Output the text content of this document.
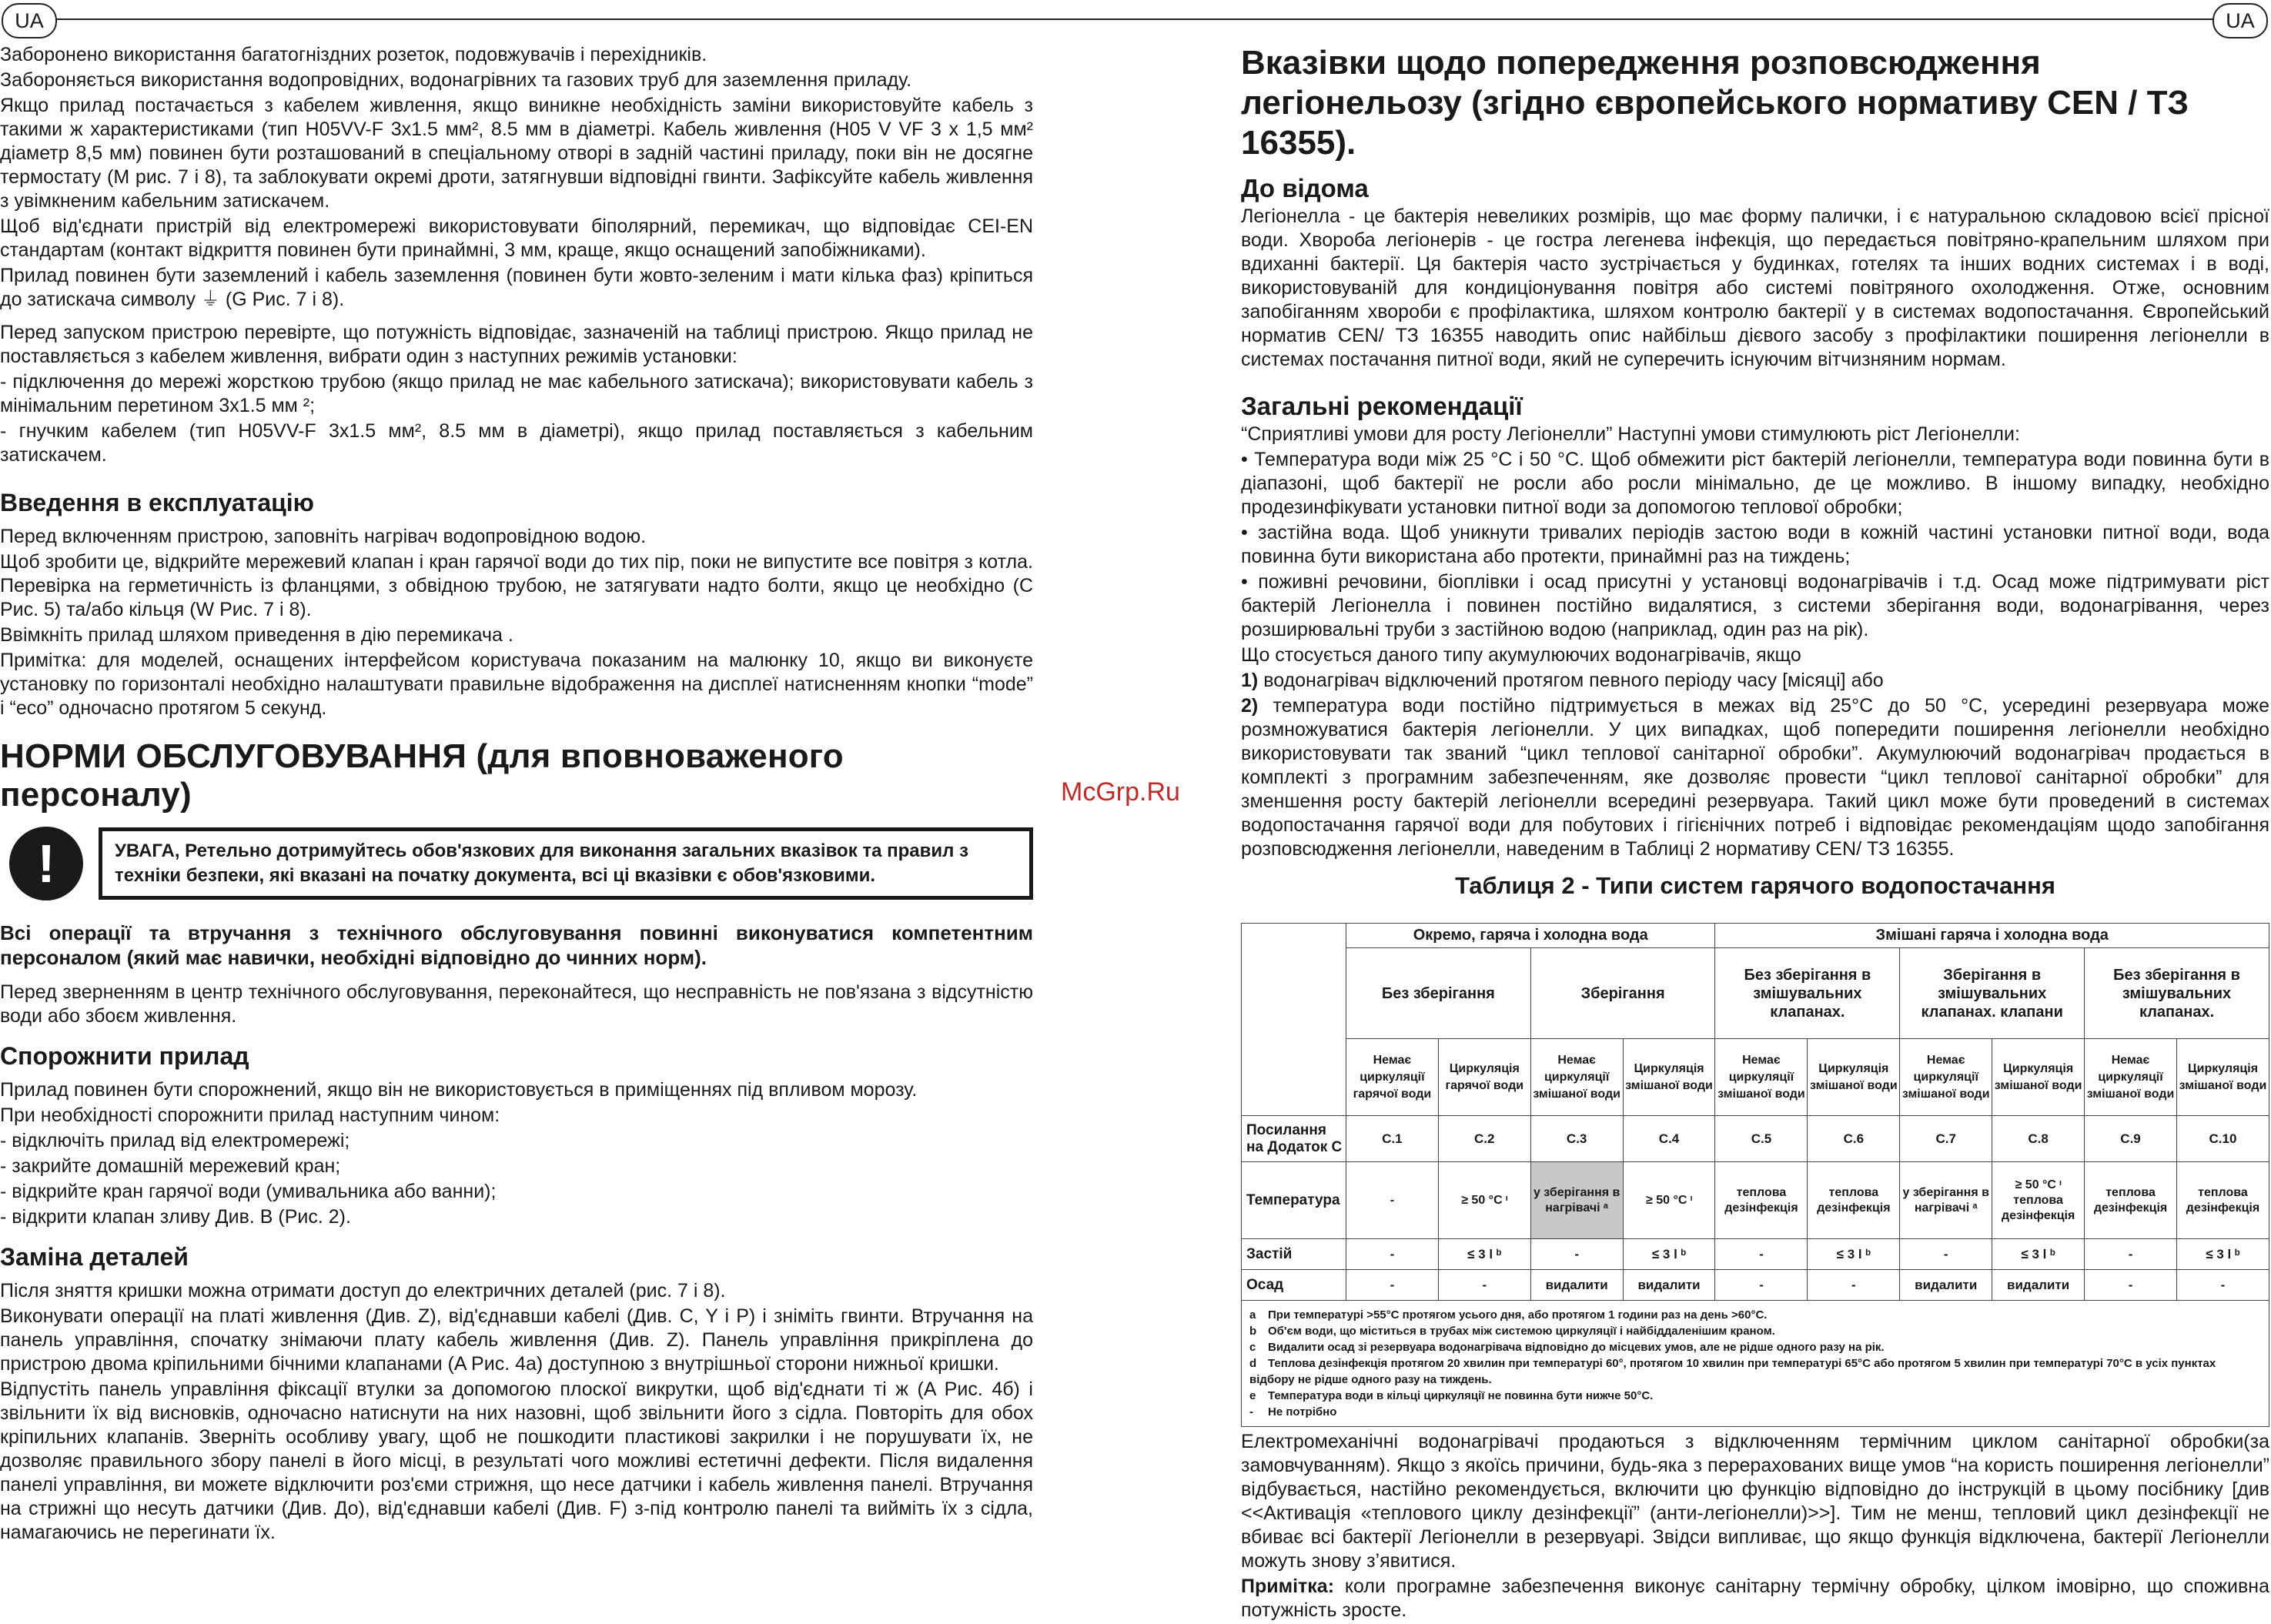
UA	UA
McGrp.Ru

Заборонено використання багатогніздних розеток, подовжувачів і перехідників.

Забороняється використання водопровідних, водонагрівних та газових труб для заземлення приладу.

Якщо прилад постачається з кабелем живлення, якщо виникне необхідність заміни використовуйте кабель з такими ж характеристиками (тип H05VV-F 3x1.5 мм², 8.5 мм в діаметрі. Кабель живлення (H05 V VF 3 x 1,5 мм² діаметр 8,5 мм) повинен бути розташований в спеціальному отворі в задній частині приладу, поки він не досягне термостату (M рис. 7 і 8), та заблокувати окремі дроти, затягнувши відповідні гвинти. Зафіксуйте кабель живлення з увімкненим кабельним затискачем.

Щоб від'єднати пристрій від електромережі використовувати біполярний, перемикач, що відповідає CEI-EN стандартам (контакт відкриття повинен бути принаймні, 3 мм, краще, якщо оснащений запобіжниками).

Прилад повинен бути заземлений і кабель заземлення (повинен бути жовто-зеленим і мати кілька фаз) кріпиться до затискача символу ⏚ (G Рис. 7 і 8).

Перед запуском пристрою перевірте, що потужність відповідає, зазначеній на таблиці пристрою. Якщо прилад не поставляється з кабелем живлення, вибрати один з наступних режимів установки:

- підключення до мережі жорсткою трубою (якщо прилад не має кабельного затискача); використовувати кабель з мінімальним перетином 3x1.5 мм ²;

- гнучким кабелем (тип H05VV-F 3x1.5 мм², 8.5 мм в діаметрі), якщо прилад поставляється з кабельним затискачем.

Введення в експлуатацію

Перед включенням пристрою, заповніть нагрівач водопровідною водою.

Щоб зробити це, відкрийте мережевий клапан і кран гарячої води до тих пір, поки не випустите все повітря з котла. Перевірка на герметичність із фланцями, з обвідною трубою, не затягувати надто болти, якщо це необхідно (C Рис. 5) та/або кільця (W Рис. 7 і 8).

Ввімкніть прилад шляхом приведення в дію перемикача .

Примітка: для моделей, оснащених інтерфейсом користувача показаним на малюнку 10, якщо ви виконуєте установку по горизонталі необхідно налаштувати правильне відображення на дисплеї натисненням кнопки “mode” і “eco” одночасно протягом 5 секунд.

НОРМИ ОБСЛУГОВУВАННЯ (для вповноваженого персоналу)
!	УВАГА, Ретельно дотримуйтесь обов'язкових для виконання загальних вказівок та правил з техніки безпеки, які вказані на початку документа, всі ці вказівки є обов'язковими.

Всі операції та втручання з технічного обслуговування повинні виконуватися компетентним персоналом (який має навички, необхідні відповідно до чинних норм).

Перед зверненням в центр технічного обслуговування, переконайтеся, що несправність не пов'язана з відсутністю води або збоєм живлення.

Спорожнити прилад

Прилад повинен бути спорожнений, якщо він не використовується в приміщеннях під впливом морозу.

При необхідності спорожнити прилад наступним чином:

- відключіть прилад від електромережі;

- закрийте домашній мережевий кран;

- відкрийте кран гарячої води (умивальника або ванни);

- відкрити клапан зливу Див. B (Рис. 2).

Заміна деталей

Після зняття кришки можна отримати доступ до електричних деталей (рис. 7 і 8).

Виконувати операції на платі живлення (Див. Z), від'єднавши кабелі (Див. C, Y і P) і зніміть гвинти. Втручання на панель управління, спочатку знімаючи плату кабель живлення (Див. Z). Панель управління прикріплена до пристрою двома кріпильними бічними клапанами (A Рис. 4a) доступною з внутрішньої сторони нижньої кришки.

Відпустіть панель управління фіксації втулки за допомогою плоскої викрутки, щоб від'єднати ті ж (A Рис. 4б) і звільнити їх від висновків, одночасно натиснути на них назовні, щоб звільнити його з сідла. Повторіть для обох кріпильних клапанів. Зверніть особливу увагу, щоб не пошкодити пластикові закрилки і не порушувати їх, не дозволяє правильного збору панелі в його місці, в результаті чого можливі естетичні дефекти. Після видалення панелі управління, ви можете відключити роз'єми стрижня, що несе датчики і кабель живлення панелі. Втручання на стрижні що несуть датчики (Див. До), від'єднавши кабелі (Див. F) з-під контролю панелі та вийміть їх з сідла, намагаючись не перегинати їх.

Вказівки щодо попередження розповсюдження легіонельозу (згідно європейського нормативу CEN / ТЗ 16355).
До відома

Легіонелла - це бактерія невеликих розмірів, що має форму палички, і є натуральною складовою всієї прісної води. Хвороба легіонерів - це гостра легенева інфекція, що передається повітряно-крапельним шляхом при вдиханні бактерії. Ця бактерія часто зустрічається у будинках, готелях та інших водних системах і в воді, використовуваній для кондиціонування повітря або системі повітряного охолодження. Отже, основним запобіганням хвороби є профілактика, шляхом контролю бактерії у в системах водопостачання. Європейський норматив CEN/ ТЗ 16355 наводить опис найбільш дієвого засобу з профілактики поширення легіонелли в системах постачання питної води, який не суперечить існуючим вітчизняним нормам.

Загальні рекомендації

“Сприятливі умови для росту Легіонелли” Наступні умови стимулюють ріст Легіонелли:

• Температура води між 25 °С і 50 °С. Щоб обмежити ріст бактерій легіонелли, температура води повинна бути в діапазоні, щоб бактерії не росли або росли мінімально, де це можливо. В іншому випадку, необхідно продезинфікувати установки питної води за допомогою теплової обробки;

• застійна вода. Щоб уникнути тривалих періодів застою води в кожній частині установки питної води, вода повинна бути використана або протекти, принаймні раз на тиждень;

• поживні речовини, біоплівки і осад присутні у установці водонагрівачів і т.д. Осад може підтримувати ріст бактерій Легіонелла і повинен постійно видалятися, з системи зберігання води, водонагрівання, через розширювальні труби з застійною водою (наприклад, один раз на рік).

Що стосується даного типу акумулюючих водонагрівачів, якщо

1) водонагрівач відключений протягом певного періоду часу [місяці] або

2) температура води постійно підтримується в межах від 25°C до 50 °C, усередині резервуара може розмножуватися бактерія легіонелли. У цих випадках, щоб попередити поширення легіонелли необхідно використовувати так званий “цикл теплової санітарної обробки”. Акумулюючий водонагрівач продається в комплекті з програмним забезпеченням, яке дозволяє провести “цикл теплової санітарної обробки” для зменшення росту бактерій легіонелли всередині резервуара. Такий цикл може бути проведений в системах водопостачання гарячої води для побутових і гігієнічних потреб і відповідає рекомендаціям щодо запобігання розповсюдження легіонелли, наведеним в Таблиці 2 нормативу CEN/ ТЗ 16355.

Таблиця 2 - Типи систем гарячого водопостачання
	Окремо, гаряча і холодна вода				Змішані гаряча і холодна вода					
	Без зберігання		Зберігання		Без зберігання в змішувальних клапанах.		Зберігання в змішувальних клапанах. клапани		Без зберігання в змішувальних клапанах.	
	Немає циркуляції гарячої води	Циркуляція гарячої води	Немає циркуляції змішаної води	Циркуляція змішаної води	Немає циркуляції змішаної води	Циркуляція змішаної води	Немає циркуляції змішаної води	Циркуляція змішаної води	Немає циркуляції змішаної води	Циркуляція змішаної води
Посилання на Додаток C	C.1	C.2	C.3	C.4	C.5	C.6	C.7	C.8	C.9	C.10
Температура	-	≥ 50 °C ᶦ	у зберігання в нагрівачі ᵃ	≥ 50 °C ᶦ	теплова дезінфекція	теплова дезінфекція	у зберігання в нагрівачі ᵃ	≥ 50 °C ᶦ теплова дезінфекція	теплова дезінфекція	теплова дезінфекція
Застій	-	≤ 3 l ᵇ	-	≤ 3 l ᵇ	-	≤ 3 l ᵇ	-	≤ 3 l ᵇ	-	≤ 3 l ᵇ
Осад	-	-	видалити	видалити	-	-	видалити	видалити	-	-
a При температурі >55°C протягом усього дня, або протягом 1 години раз на день >60°C.
b Об'єм води, що міститься в трубах між системою циркуляції і найбіддаленішим краном.
c Видалити осад зі резервуара водонагрівача відповідно до місцевих умов, але не рідше одного разу на рік.
d Теплова дезінфекція протягом 20 хвилин при температурі 60°, протягом 10 хвилин при температурі 65°C або протягом 5 хвилин при температурі 70°C в усіх пунктах відбору не рідше одного разу на тиждень.
e Температура води в кільці циркуляції не повинна бути нижче 50°C.
- Не потрібно

Електромеханічні водонагрівачі продаються з відключенням термічним циклом санітарної обробки(за замовчуванням). Якщо з якоїсь причини, будь-яка з перерахованих вище умов “на користь поширення легіонелли” відбувається, настійно рекомендується, включити цю функцію відповідно до інструкцій в цьому посібнику [див <<Активація «теплового циклу дезінфекції” (анти-легіонелли)>>]. Тим не менш, тепловий цикл дезінфекції не вбиває всі бактерії Легіонелли в резервуарі. Звідси випливає, що якщо функція відключена, бактерії Легіонелли можуть знову з’явитися.

Примітка: коли програмне забезпечення виконує санітарну термічну обробку, цілком імовірно, що споживна потужність зросте.
